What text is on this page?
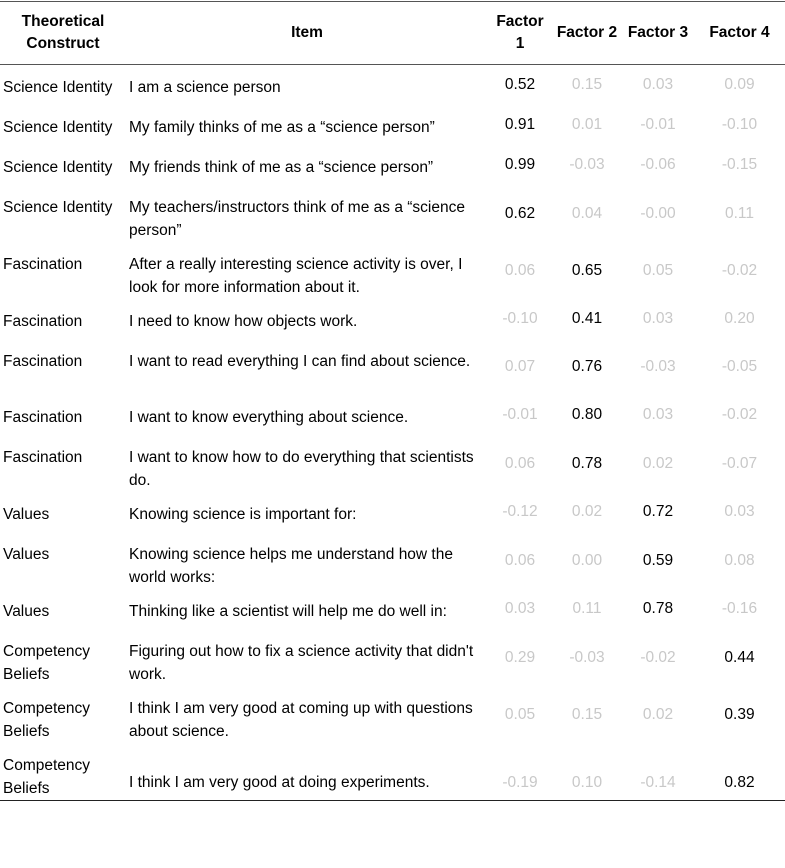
Theoretical Construct	Item	Factor 1	Factor 2	Factor 3	Factor 4
Science Identity	I am a science person	0.52	0.15	0.03	0.09
Science Identity	My family thinks of me as a “science person”	0.91	0.01	-0.01	-0.10
Science Identity	My friends think of me as a “science person”	0.99	-0.03	-0.06	-0.15
Science Identity	My teachers/instructors think of me as a “science person”	0.62	0.04	-0.00	0.11
Fascination	After a really interesting science activity is over, I look for more information about it.	0.06	0.65	0.05	-0.02
Fascination	I need to know how objects work.	-0.10	0.41	0.03	0.20
Fascination	I want to read everything I can find about science.	0.07	0.76	-0.03	-0.05
Fascination	I want to know everything about science.	-0.01	0.80	0.03	-0.02
Fascination	I want to know how to do everything that scientists do.	0.06	0.78	0.02	-0.07
Values	Knowing science is important for:	-0.12	0.02	0.72	0.03
Values	Knowing science helps me understand how the world works:	0.06	0.00	0.59	0.08
Values	Thinking like a scientist will help me do well in:	0.03	0.11	0.78	-0.16
Competency Beliefs	Figuring out how to fix a science activity that didn't work.	0.29	-0.03	-0.02	0.44
Competency Beliefs	I think I am very good at coming up with questions about science.	0.05	0.15	0.02	0.39
Competency Beliefs	I think I am very good at doing experiments.	-0.19	0.10	-0.14	0.82
